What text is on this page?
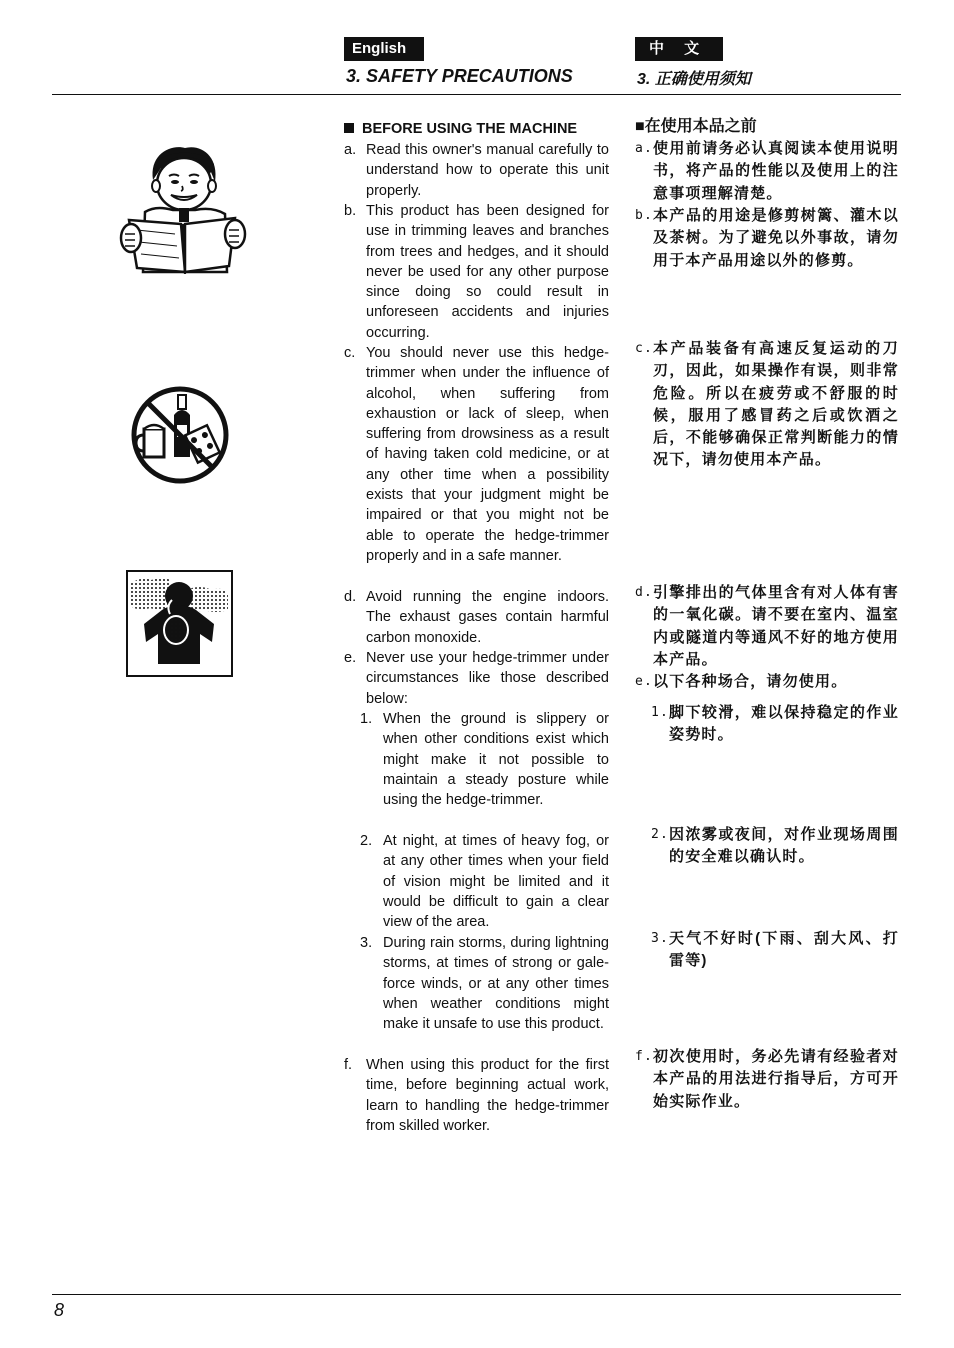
English	中 文
3. SAFETY PRECAUTIONS	3. 正确使用须知
BEFORE USING THE MACHINE
a. Read this owner's manual carefully to understand how to operate this unit properly.
b. This product has been designed for use in trimming leaves and branches from trees and hedges, and it should never be used for any other purpose since doing so could result in unforeseen accidents and injuries occurring.
c. You should never use this hedge-trimmer when under the influence of alcohol, when suffering from exhaustion or lack of sleep, when suffering from drowsiness as a result of having taken cold medicine, or at any other time when a possibility exists that your judgment might be impaired or that you might not be able to operate the hedge-trimmer properly and in a safe manner.
d. Avoid running the engine indoors. The exhaust gases contain harmful carbon monoxide.
e. Never use your hedge-trimmer under circumstances like those described below:
1. When the ground is slippery or when other conditions exist which might make it not possible to maintain a steady posture while using the hedge-trimmer.
2. At night, at times of heavy fog, or at any other times when your field of vision might be limited and it would be difficult to gain a clear view of the area.
3. During rain storms, during lightning storms, at times of strong or gale-force winds, or at any other times when weather conditions might make it unsafe to use this product.
f. When using this product for the first time, before beginning actual work, learn to handling the hedge-trimmer from skilled worker.
■在使用本品之前
a. 使用前请务必认真阅读本使用说明书，将产品的性能以及使用上的注意事项理解清楚。
b. 本产品的用途是修剪树篱、灌木以及茶树。为了避免以外事故，请勿用于本产品用途以外的修剪。
c. 本产品装备有高速反复运动的刀刃，因此，如果操作有误，则非常危险。所以在疲劳或不舒服的时候，服用了感冒药之后或饮酒之后，不能够确保正常判断能力的情况下，请勿使用本产品。
d. 引擎排出的气体里含有对人体有害的一氧化碳。请不要在室内、温室内或隧道内等通风不好的地方使用本产品。
e. 以下各种场合，请勿使用。
1. 脚下较滑，难以保持稳定的作业姿势时。
2. 因浓雾或夜间，对作业现场周围的安全难以确认时。
3. 天气不好时(下雨、刮大风、打雷等)
f. 初次使用时，务必先请有经验者对本产品的用法进行指导后，方可开始实际作业。
8
